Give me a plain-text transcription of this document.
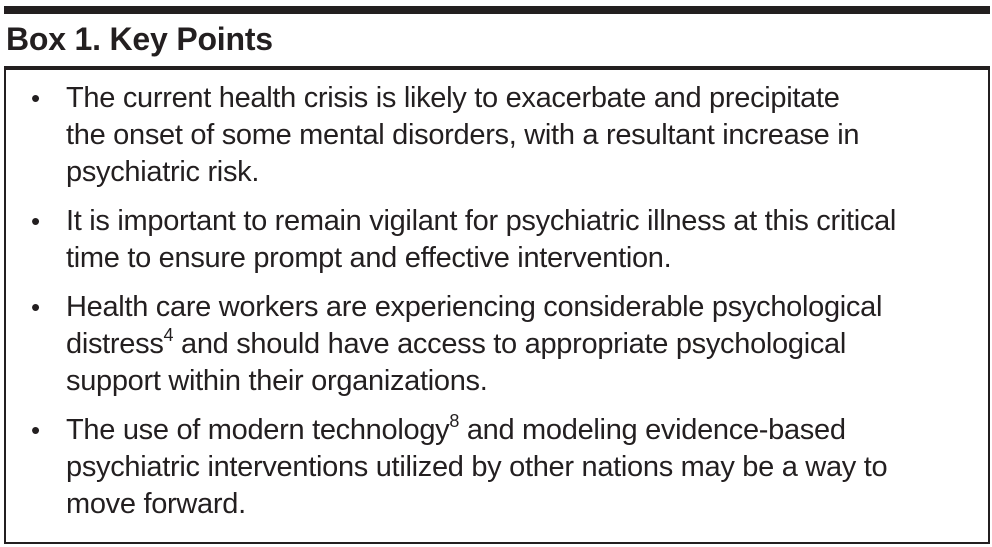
Box 1. Key Points
• The current health crisis is likely to exacerbate and precipitate
the onset of some mental disorders, with a resultant increase in
psychiatric risk.
• It is important to remain vigilant for psychiatric illness at this critical
time to ensure prompt and effective intervention.
• Health care workers are experiencing considerable psychological
distress$^4$ and should have access to appropriate psychological
support within their organizations.
• The use of modern technology$^8$ and modeling evidence-based
psychiatric interventions utilized by other nations may be a way to
move forward.
